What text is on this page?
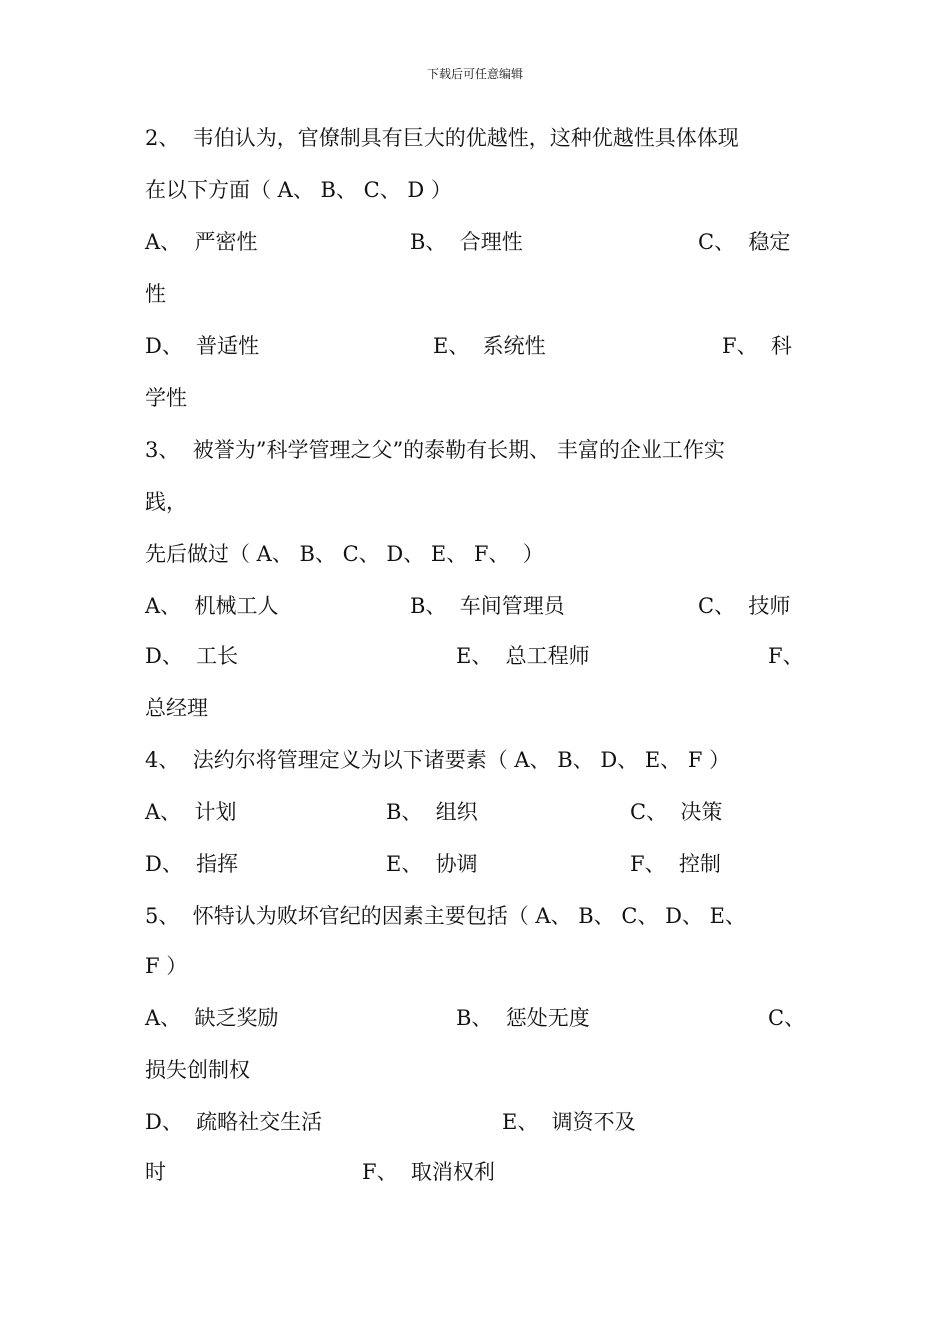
下载后可任意编辑
2、  韦伯认为，官僚制具有巨大的优越性，这种优越性具体体现
在以下方面（ A、 B、 C、 D ）
A、  严密性	B、  合理性	C、  稳定
性
D、  普适性	E、  系统性	F、  科
学性
3、  被誉为”科学管理之父”的泰勒有长期、 丰富的企业工作实
践，
先后做过（ A、 B、 C、 D、 E、 F、  ）
A、  机械工人	B、  车间管理员	C、  技师
D、  工长	E、  总工程师	F、
总经理
4、  法约尔将管理定义为以下诸要素（ A、 B、 D、 E、 F ）
A、  计划	B、  组织	C、  决策
D、  指挥	E、  协调	F、  控制
5、  怀特认为败坏官纪的因素主要包括（ A、 B、 C、 D、 E、
F ）
A、  缺乏奖励	B、  惩处无度	C、
损失创制权
D、  疏略社交生活	E、  调资不及
时	F、  取消权利
